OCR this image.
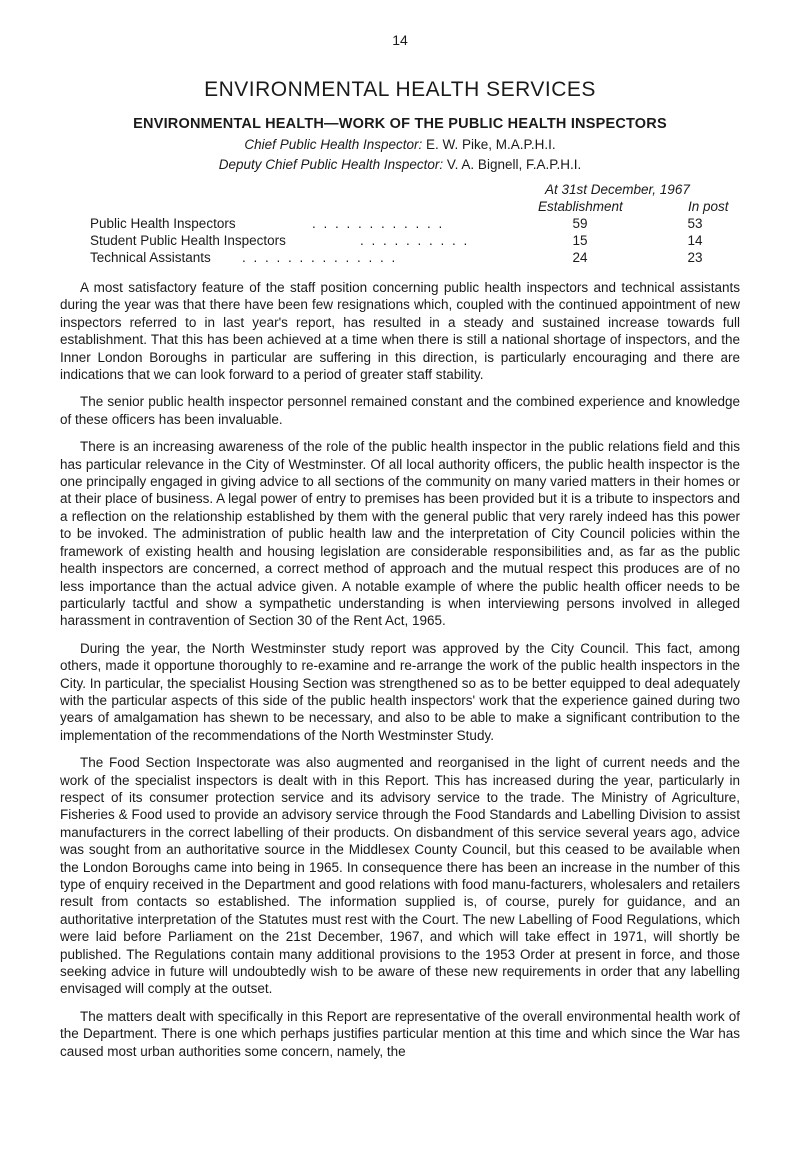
14
ENVIRONMENTAL HEALTH SERVICES
ENVIRONMENTAL HEALTH—WORK OF THE PUBLIC HEALTH INSPECTORS
Chief Public Health Inspector: E. W. Pike, M.A.P.H.I.
Deputy Chief Public Health Inspector: V. A. Bignell, F.A.P.H.I.
At 31st December, 1967
Establishment	In post
Public Health Inspectors	. . . . . . . . . . . .	59	53
Student Public Health Inspectors	. . . . . . . . . .	15	14
Technical Assistants . . . . . . . . . . . . . .	24	23

A most satisfactory feature of the staff position concerning public health inspectors and technical assistants during the year was that there have been few resignations which, coupled with the continued appointment of new inspectors referred to in last year's report, has resulted in a steady and sustained increase towards full establishment. That this has been achieved at a time when there is still a national shortage of inspectors, and the Inner London Boroughs in particular are suffering in this direction, is particularly encouraging and there are indications that we can look forward to a period of greater staff stability.

The senior public health inspector personnel remained constant and the combined experience and knowledge of these officers has been invaluable.

There is an increasing awareness of the role of the public health inspector in the public relations field and this has particular relevance in the City of Westminster. Of all local authority officers, the public health inspector is the one principally engaged in giving advice to all sections of the community on many varied matters in their homes or at their place of business. A legal power of entry to premises has been provided but it is a tribute to inspectors and a reflection on the relationship established by them with the general public that very rarely indeed has this power to be invoked. The administration of public health law and the interpretation of City Council policies within the framework of existing health and housing legislation are considerable responsibilities and, as far as the public health inspectors are concerned, a correct method of approach and the mutual respect this produces are of no less importance than the actual advice given. A notable example of where the public health officer needs to be particularly tactful and show a sympathetic understanding is when interviewing persons involved in alleged harassment in contravention of Section 30 of the Rent Act, 1965.

During the year, the North Westminster study report was approved by the City Council. This fact, among others, made it opportune thoroughly to re-examine and re-arrange the work of the public health inspectors in the City. In particular, the specialist Housing Section was strengthened so as to be better equipped to deal adequately with the particular aspects of this side of the public health inspectors' work that the experience gained during two years of amalgamation has shewn to be necessary, and also to be able to make a significant contribution to the implementation of the recommendations of the North Westminster Study.

The Food Section Inspectorate was also augmented and reorganised in the light of current needs and the work of the specialist inspectors is dealt with in this Report. This has increased during the year, particularly in respect of its consumer protection service and its advisory service to the trade. The Ministry of Agriculture, Fisheries & Food used to provide an advisory service through the Food Standards and Labelling Division to assist manufacturers in the correct labelling of their products. On disbandment of this service several years ago, advice was sought from an authoritative source in the Middlesex County Council, but this ceased to be available when the London Boroughs came into being in 1965. In consequence there has been an increase in the number of this type of enquiry received in the Department and good relations with food manu-facturers, wholesalers and retailers result from contacts so established. The information supplied is, of course, purely for guidance, and an authoritative interpretation of the Statutes must rest with the Court. The new Labelling of Food Regulations, which were laid before Parliament on the 21st December, 1967, and which will take effect in 1971, will shortly be published. The Regulations contain many additional provisions to the 1953 Order at present in force, and those seeking advice in future will undoubtedly wish to be aware of these new requirements in order that any labelling envisaged will comply at the outset.

The matters dealt with specifically in this Report are representative of the overall environmental health work of the Department. There is one which perhaps justifies particular mention at this time and which since the War has caused most urban authorities some concern, namely, the
